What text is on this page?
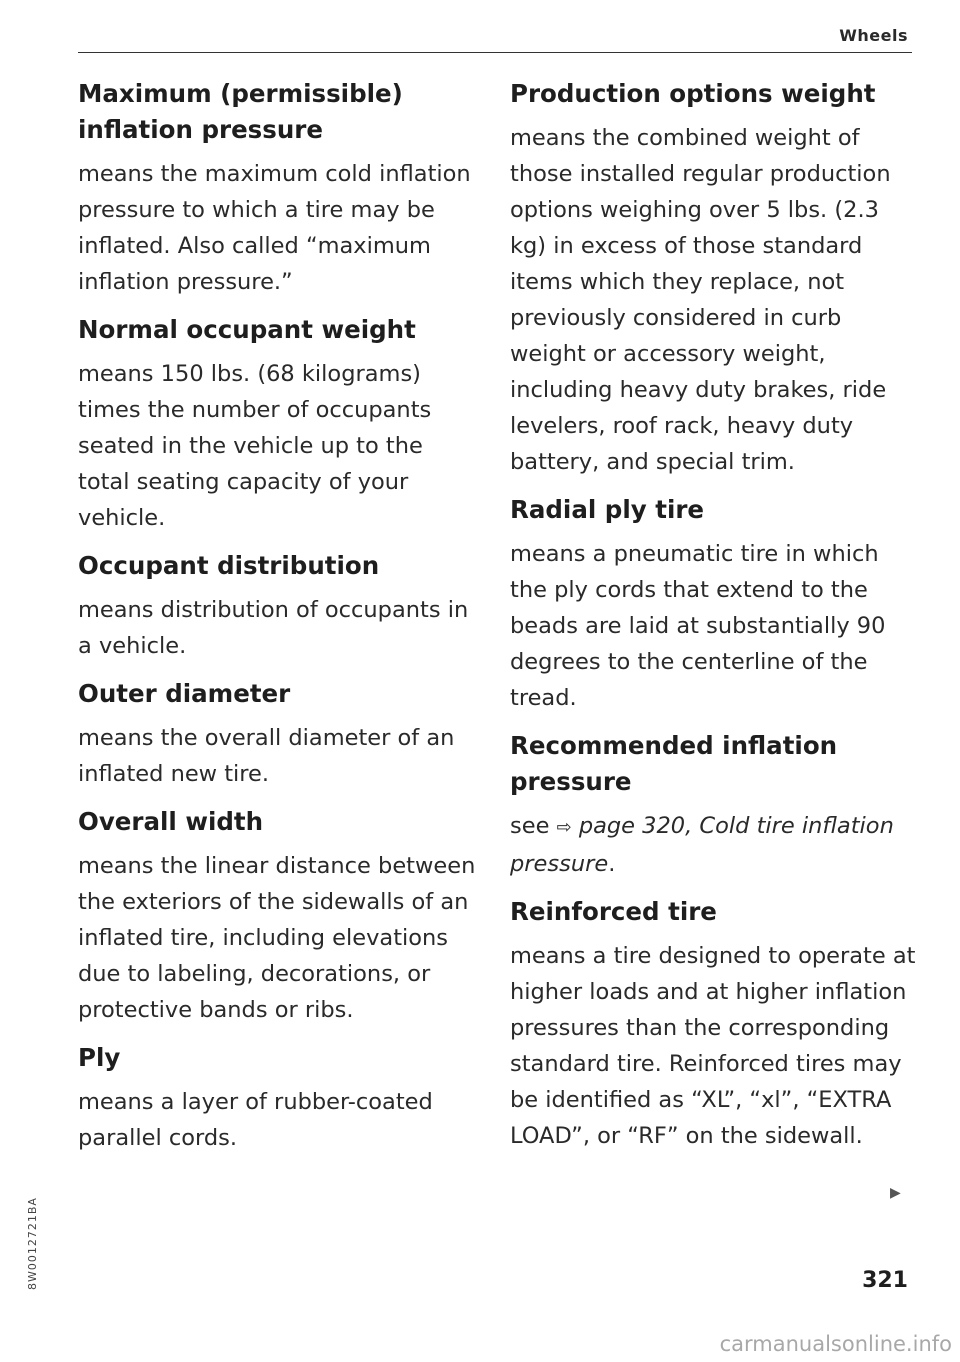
Wheels
Maximum (permissible) inflation pressure
means the maximum cold inflation pressure to which a tire may be inflated. Also called “maximum inflation pressure.”
Normal occupant weight
means 150 lbs. (68 kilograms) times the number of occupants seated in the vehicle up to the total seating capacity of your vehicle.
Occupant distribution
means distribution of occupants in a vehicle.
Outer diameter
means the overall diameter of an inflated new tire.
Overall width
means the linear distance between the exteriors of the sidewalls of an inflated tire, including elevations due to labeling, decorations, or protective bands or ribs.
Ply
means a layer of rubber-coated parallel cords.
Production options weight
means the combined weight of those installed regular production options weighing over 5 lbs. (2.3 kg) in excess of those standard items which they replace, not previously considered in curb weight or accessory weight, including heavy duty brakes, ride levelers, roof rack, heavy duty battery, and special trim.
Radial ply tire
means a pneumatic tire in which the ply cords that extend to the beads are laid at substantially 90 degrees to the centerline of the tread.
Recommended inflation pressure
see ⇨ page 320, Cold tire inflation pressure.
Reinforced tire
means a tire designed to operate at higher loads and at higher inflation pressures than the corresponding standard tire. Reinforced tires may be identified as “XL”, “xl”, “EXTRA LOAD”, or “RF” on the sidewall.
▶
8W0012721BA	321
carmanualsonline.info
